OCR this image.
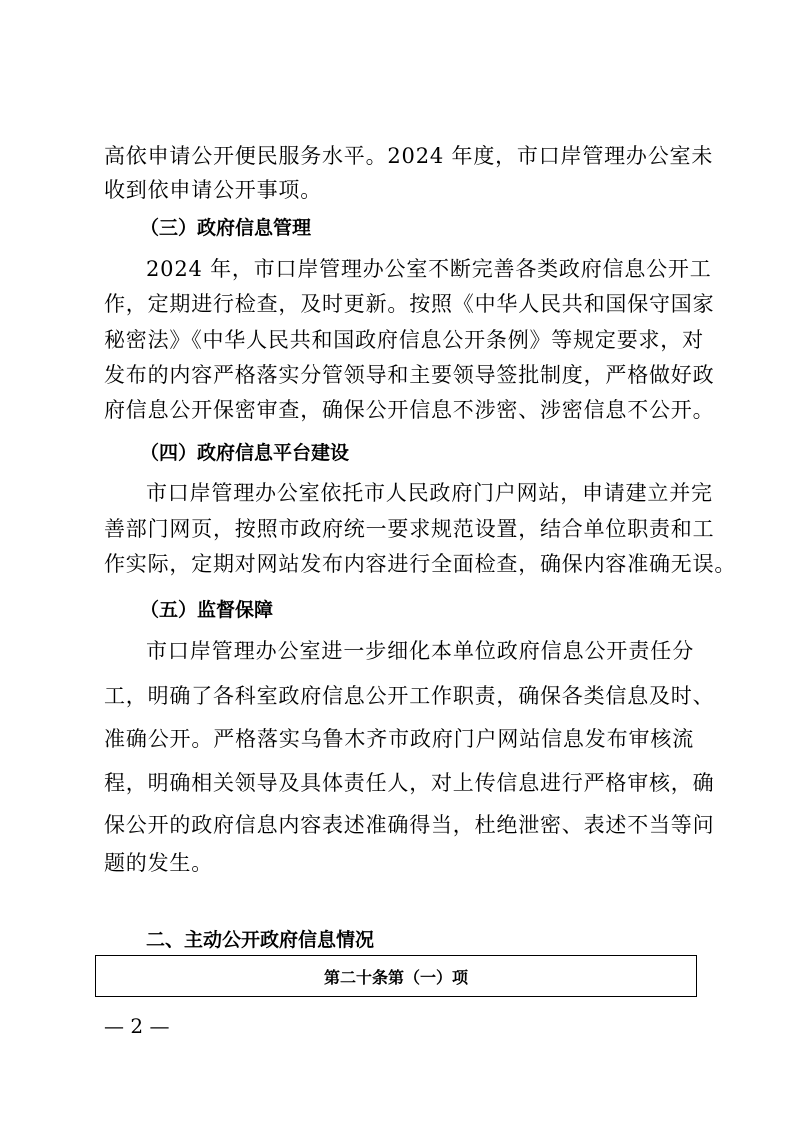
高依申请公开便民服务水平。2024 年度，市口岸管理办公室未
收到依申请公开事项。
（三）政府信息管理
2024 年，市口岸管理办公室不断完善各类政府信息公开工
作，定期进行检查，及时更新。按照《中华人民共和国保守国家
秘密法》《中华人民共和国政府信息公开条例》等规定要求，对
发布的内容严格落实分管领导和主要领导签批制度，严格做好政
府信息公开保密审查，确保公开信息不涉密、涉密信息不公开。
（四）政府信息平台建设
市口岸管理办公室依托市人民政府门户网站，申请建立并完
善部门网页，按照市政府统一要求规范设置，结合单位职责和工
作实际，定期对网站发布内容进行全面检查，确保内容准确无误。
（五）监督保障
市口岸管理办公室进一步细化本单位政府信息公开责任分
工，明确了各科室政府信息公开工作职责，确保各类信息及时、
准确公开。严格落实乌鲁木齐市政府门户网站信息发布审核流
程，明确相关领导及具体责任人，对上传信息进行严格审核，确
保公开的政府信息内容表述准确得当，杜绝泄密、表述不当等问
题的发生。
二、主动公开政府信息情况
第二十条第（一）项
— 2 —
